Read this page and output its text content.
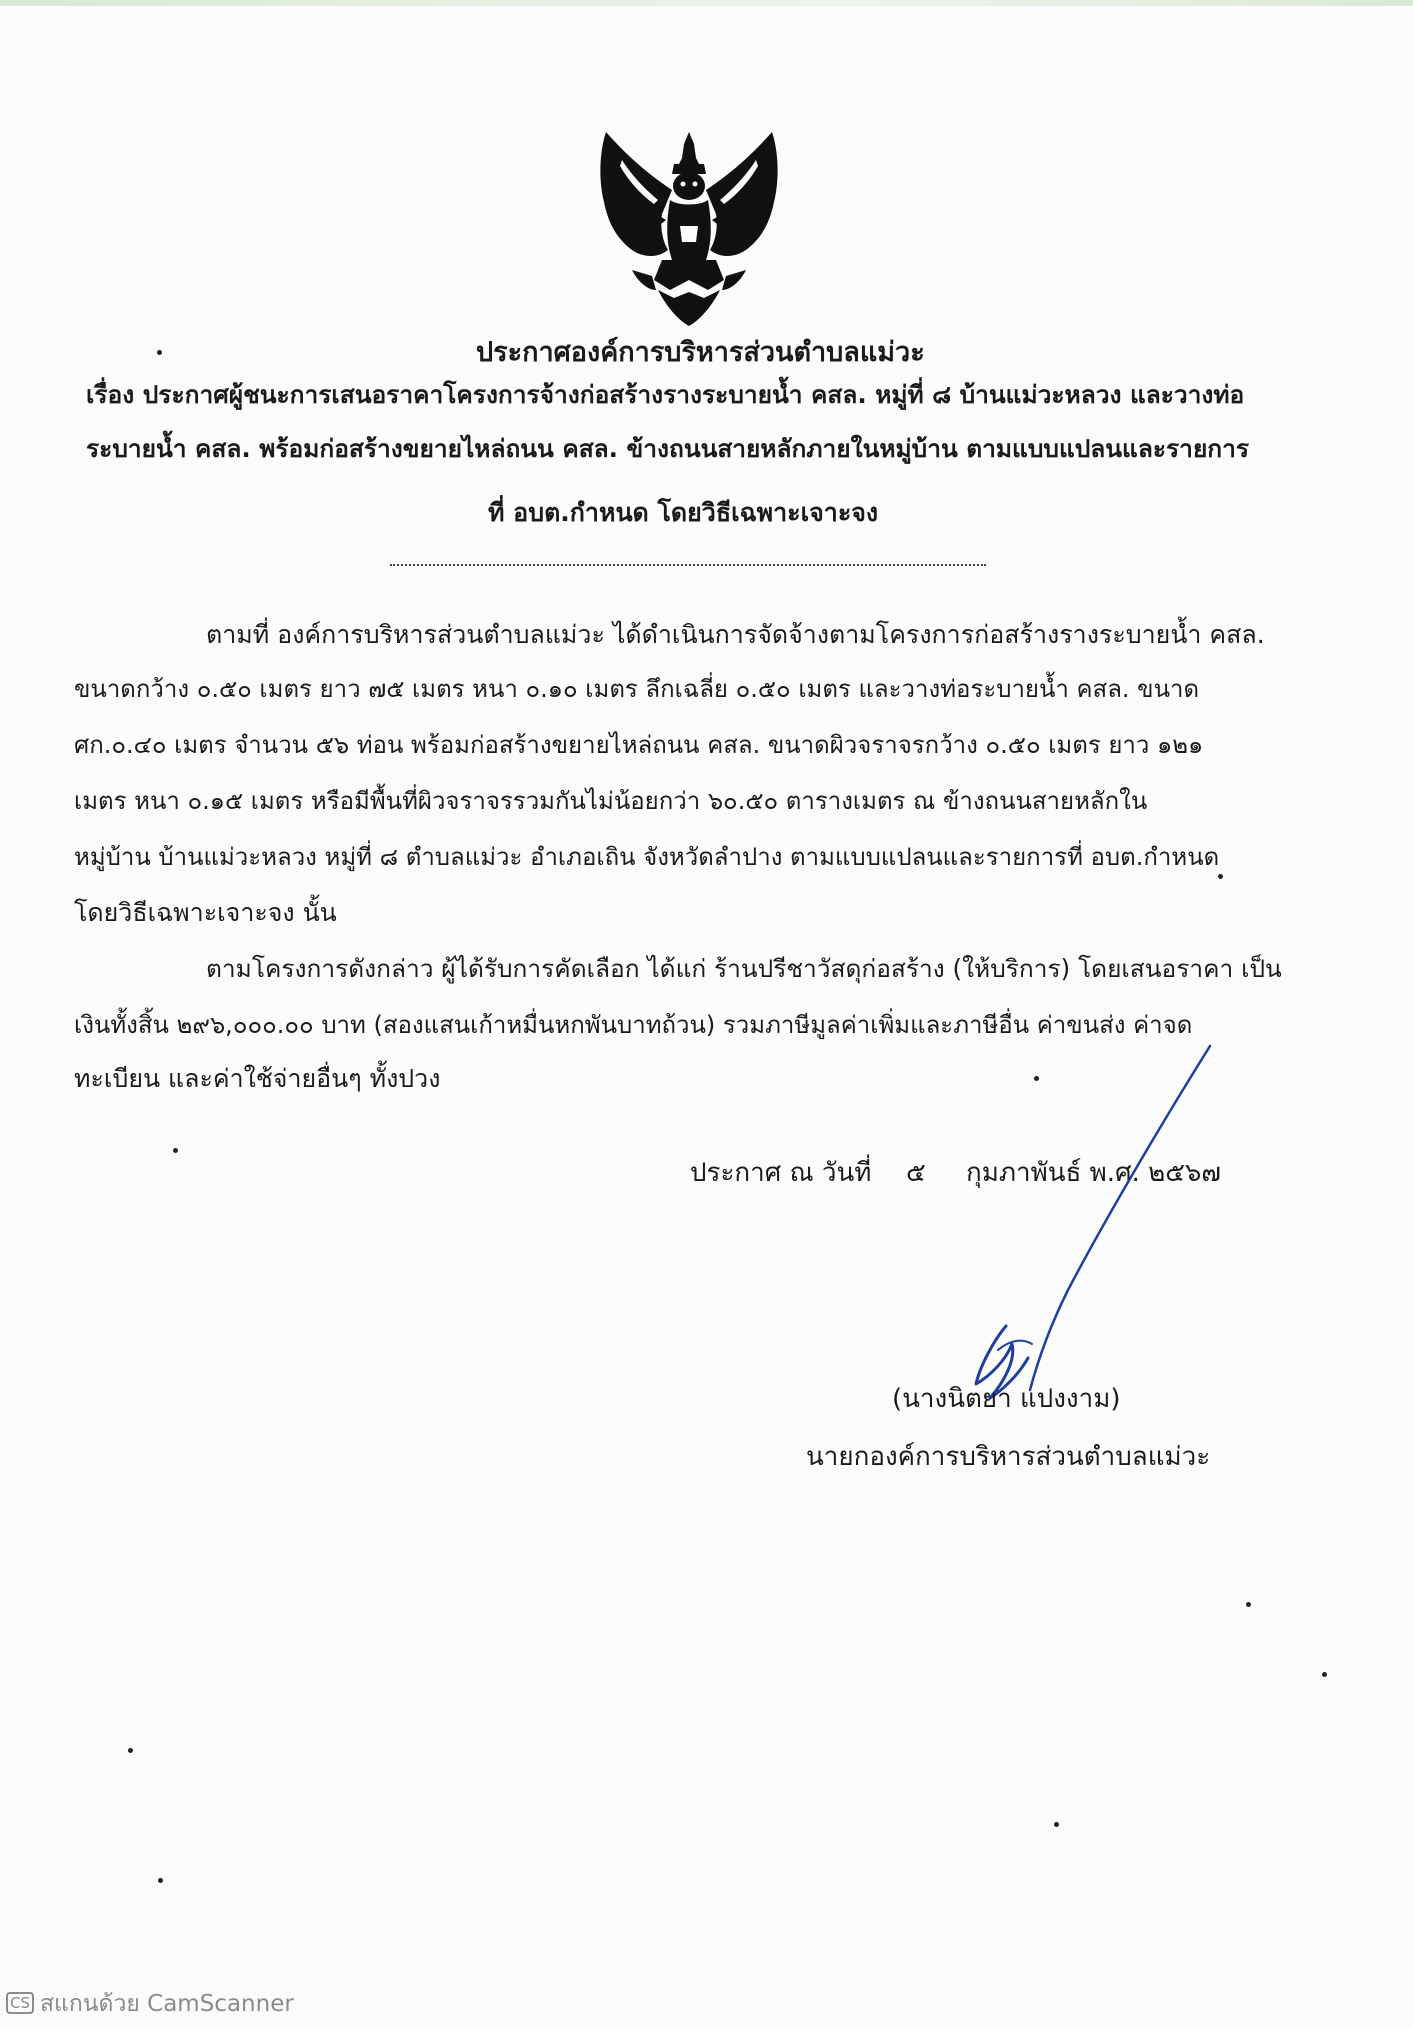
ประกาศองค์การบริหารส่วนตำบลแม่วะ
เรื่อง ประกาศผู้ชนะการเสนอราคาโครงการจ้างก่อสร้างรางระบายน้ำ คสล. หมู่ที่ ๘ บ้านแม่วะหลวง และวางท่อ
ระบายน้ำ คสล. พร้อมก่อสร้างขยายไหล่ถนน คสล. ข้างถนนสายหลักภายในหมู่บ้าน ตามแบบแปลนและรายการ
ที่ อบต.กำหนด โดยวิธีเฉพาะเจาะจง
ตามที่ องค์การบริหารส่วนตำบลแม่วะ ได้ดำเนินการจัดจ้างตามโครงการก่อสร้างรางระบายน้ำ คสล.
ขนาดกว้าง ๐.๕๐ เมตร ยาว ๗๕ เมตร หนา ๐.๑๐ เมตร ลึกเฉลี่ย ๐.๕๐ เมตร และวางท่อระบายน้ำ คสล. ขนาด
ศก.๐.๔๐ เมตร จำนวน ๕๖ ท่อน พร้อมก่อสร้างขยายไหล่ถนน คสล. ขนาดผิวจราจรกว้าง ๐.๕๐ เมตร ยาว ๑๒๑
เมตร หนา ๐.๑๕ เมตร หรือมีพื้นที่ผิวจราจรรวมกันไม่น้อยกว่า ๖๐.๕๐ ตารางเมตร ณ ข้างถนนสายหลักใน
หมู่บ้าน บ้านแม่วะหลวง หมู่ที่ ๘ ตำบลแม่วะ อำเภอเถิน จังหวัดลำปาง ตามแบบแปลนและรายการที่ อบต.กำหนด
โดยวิธีเฉพาะเจาะจง นั้น
ตามโครงการดังกล่าว ผู้ได้รับการคัดเลือก ได้แก่ ร้านปรีชาวัสดุก่อสร้าง (ให้บริการ) โดยเสนอราคา เป็น
เงินทั้งสิ้น ๒๙๖,๐๐๐.๐๐ บาท (สองแสนเก้าหมื่นหกพันบาทถ้วน) รวมภาษีมูลค่าเพิ่มและภาษีอื่น ค่าขนส่ง ค่าจด
ทะเบียน และค่าใช้จ่ายอื่นๆ ทั้งปวง
ประกาศ ณ วันที่ ๕ กุมภาพันธ์ พ.ศ. ๒๕๖๗
(นางนิตยา แปงงาม)
นายกองค์การบริหารส่วนตำบลแม่วะ
CS สแกนด้วย CamScanner
